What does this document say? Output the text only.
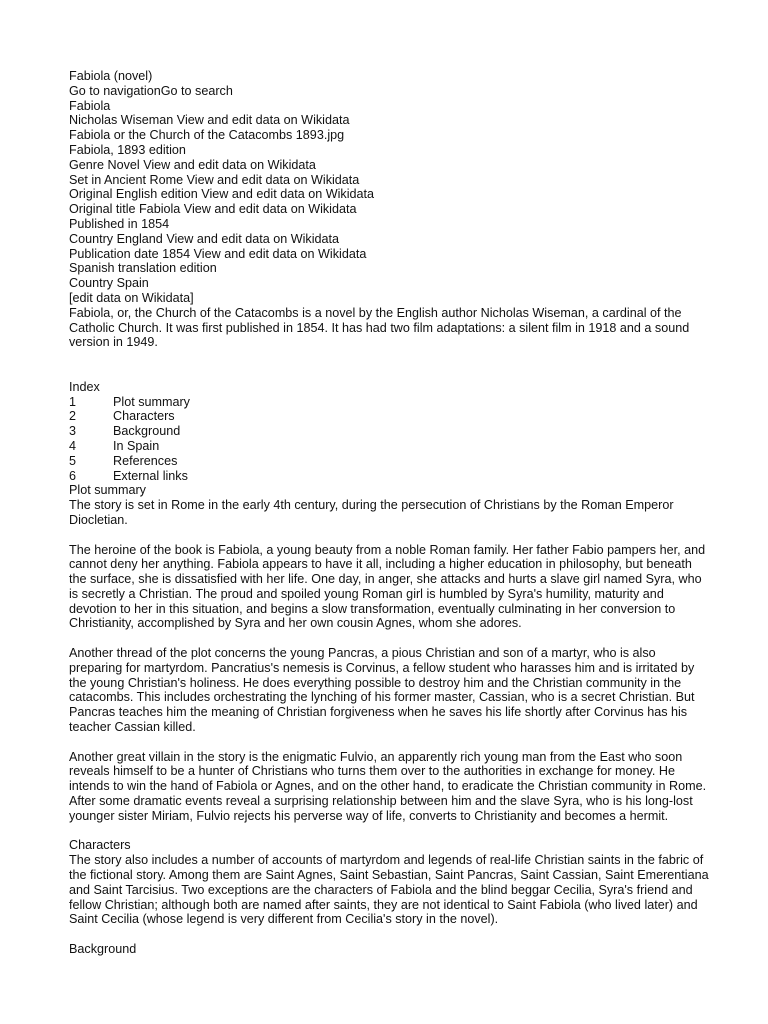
Fabiola (novel)
Go to navigationGo to search
Fabiola
Nicholas Wiseman View and edit data on Wikidata
Fabiola or the Church of the Catacombs 1893.jpg
Fabiola, 1893 edition
Genre Novel View and edit data on Wikidata
Set in Ancient Rome View and edit data on Wikidata
Original English edition View and edit data on Wikidata
Original title Fabiola View and edit data on Wikidata
Published in 1854
Country England View and edit data on Wikidata
Publication date 1854 View and edit data on Wikidata
Spanish translation edition
Country Spain
[edit data on Wikidata]
Fabiola, or, the Church of the Catacombs is a novel by the English author Nicholas Wiseman, a cardinal of the Catholic Church. It was first published in 1854. It has had two film adaptations: a silent film in 1918 and a sound version in 1949.
Index
1	Plot summary
2	Characters
3	Background
4	In Spain
5	References
6	External links
Plot summary
The story is set in Rome in the early 4th century, during the persecution of Christians by the Roman Emperor Diocletian.
The heroine of the book is Fabiola, a young beauty from a noble Roman family. Her father Fabio pampers her, and cannot deny her anything. Fabiola appears to have it all, including a higher education in philosophy, but beneath the surface, she is dissatisfied with her life. One day, in anger, she attacks and hurts a slave girl named Syra, who is secretly a Christian. The proud and spoiled young Roman girl is humbled by Syra's humility, maturity and devotion to her in this situation, and begins a slow transformation, eventually culminating in her conversion to Christianity, accomplished by Syra and her own cousin Agnes, whom she adores.
Another thread of the plot concerns the young Pancras, a pious Christian and son of a martyr, who is also preparing for martyrdom. Pancratius's nemesis is Corvinus, a fellow student who harasses him and is irritated by the young Christian's holiness. He does everything possible to destroy him and the Christian community in the catacombs. This includes orchestrating the lynching of his former master, Cassian, who is a secret Christian. But Pancras teaches him the meaning of Christian forgiveness when he saves his life shortly after Corvinus has his teacher Cassian killed.
Another great villain in the story is the enigmatic Fulvio, an apparently rich young man from the East who soon reveals himself to be a hunter of Christians who turns them over to the authorities in exchange for money. He intends to win the hand of Fabiola or Agnes, and on the other hand, to eradicate the Christian community in Rome. After some dramatic events reveal a surprising relationship between him and the slave Syra, who is his long-lost younger sister Miriam, Fulvio rejects his perverse way of life, converts to Christianity and becomes a hermit.
Characters
The story also includes a number of accounts of martyrdom and legends of real-life Christian saints in the fabric of the fictional story. Among them are Saint Agnes, Saint Sebastian, Saint Pancras, Saint Cassian, Saint Emerentiana and Saint Tarcisius. Two exceptions are the characters of Fabiola and the blind beggar Cecilia, Syra's friend and fellow Christian; although both are named after saints, they are not identical to Saint Fabiola (who lived later) and Saint Cecilia (whose legend is very different from Cecilia's story in the novel).
Background
